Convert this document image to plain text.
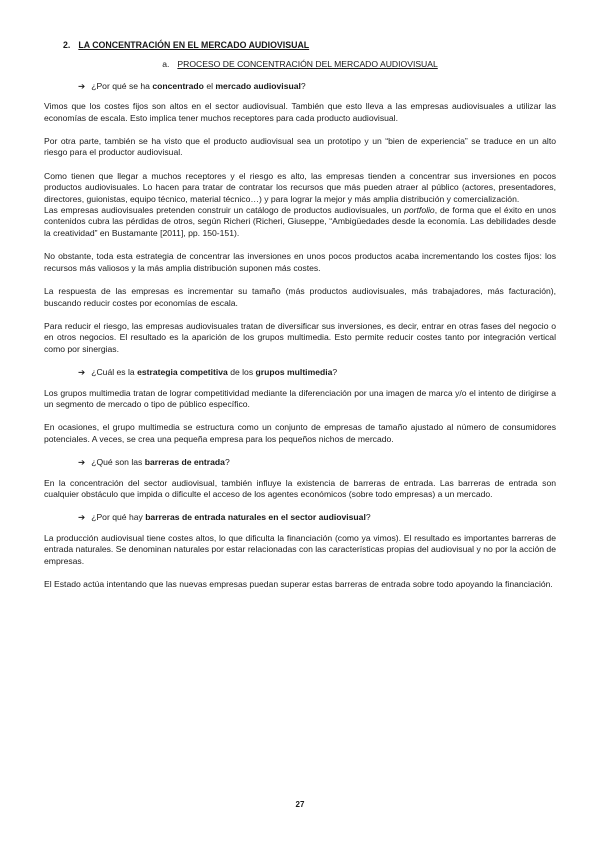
2. LA CONCENTRACIÓN EN EL MERCADO AUDIOVISUAL
a. PROCESO DE CONCENTRACIÓN DEL MERCADO AUDIOVISUAL
➔ ¿Por qué se ha concentrado el mercado audiovisual?

Vimos que los costes fijos son altos en el sector audiovisual. También que esto lleva a las empresas audiovisuales a utilizar las economías de escala. Esto implica tener muchos receptores para cada producto audiovisual.

Por otra parte, también se ha visto que el producto audiovisual sea un prototipo y un “bien de experiencia” se traduce en un alto riesgo para el productor audiovisual.

Como tienen que llegar a muchos receptores y el riesgo es alto, las empresas tienden a concentrar sus inversiones en pocos productos audiovisuales. Lo hacen para tratar de contratar los recursos que más pueden atraer al público (actores, presentadores, directores, guionistas, equipo técnico, material técnico…) y para lograr la mejor y más amplia distribución y comercialización.

Las empresas audiovisuales pretenden construir un catálogo de productos audiovisuales, un portfolio, de forma que el éxito en unos contenidos cubra las pérdidas de otros, según Richeri (Richeri, Giuseppe, “Ambigüedades desde la economía. Las debilidades desde la creatividad” en Bustamante [2011], pp. 150-151).

No obstante, toda esta estrategia de concentrar las inversiones en unos pocos productos acaba incrementando los costes fijos: los recursos más valiosos y la más amplia distribución suponen más costes.

La respuesta de las empresas es incrementar su tamaño (más productos audiovisuales, más trabajadores, más facturación), buscando reducir costes por economías de escala.

Para reducir el riesgo, las empresas audiovisuales tratan de diversificar sus inversiones, es decir, entrar en otras fases del negocio o en otros negocios. El resultado es la aparición de los grupos multimedia. Esto permite reducir costes tanto por integración vertical como por sinergias.

➔ ¿Cuál es la estrategia competitiva de los grupos multimedia?

Los grupos multimedia tratan de lograr competitividad mediante la diferenciación por una imagen de marca y/o el intento de dirigirse a un segmento de mercado o tipo de público específico.

En ocasiones, el grupo multimedia se estructura como un conjunto de empresas de tamaño ajustado al número de consumidores potenciales. A veces, se crea una pequeña empresa para los pequeños nichos de mercado.

➔ ¿Qué son las barreras de entrada?

En la concentración del sector audiovisual, también influye la existencia de barreras de entrada. Las barreras de entrada son cualquier obstáculo que impida o dificulte el acceso de los agentes económicos (sobre todo empresas) a un mercado.

➔ ¿Por qué hay barreras de entrada naturales en el sector audiovisual?

La producción audiovisual tiene costes altos, lo que dificulta la financiación (como ya vimos). El resultado es importantes barreras de entrada naturales. Se denominan naturales por estar relacionadas con las características propias del audiovisual y no por la acción de empresas.

El Estado actúa intentando que las nuevas empresas puedan superar estas barreras de entrada sobre todo apoyando la financiación.

27
